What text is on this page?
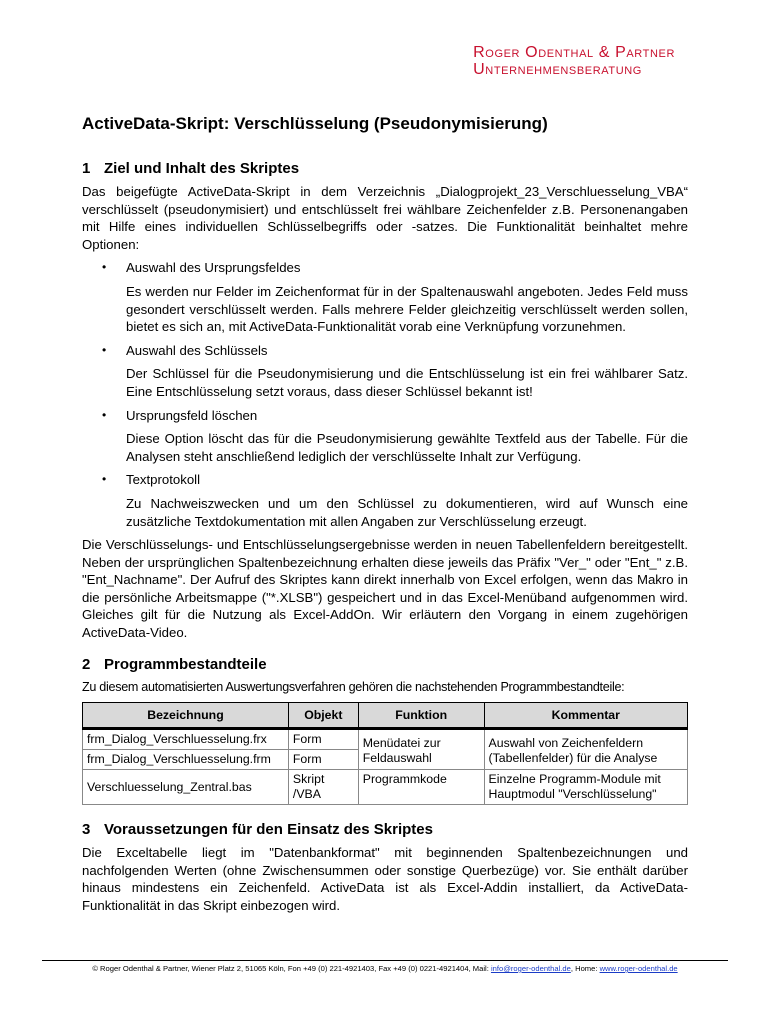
Roger Odenthal & Partner
Unternehmensberatung
ActiveData-Skript: Verschlüsselung (Pseudonymisierung)
1 Ziel und Inhalt des Skriptes

Das beigefügte ActiveData-Skript in dem Verzeichnis „Dialogprojekt_23_Verschluesselung_VBA“ verschlüsselt (pseudonymisiert) und entschlüsselt frei wählbare Zeichenfelder z.B. Personenangaben mit Hilfe eines individuellen Schlüsselbegriffs oder -satzes. Die Funktionalität beinhaltet mehre Optionen:

• Auswahl des Ursprungsfeldes
Es werden nur Felder im Zeichenformat für in der Spaltenauswahl angeboten. Jedes Feld muss gesondert verschlüsselt werden. Falls mehrere Felder gleichzeitig verschlüsselt werden sollen, bietet es sich an, mit ActiveData-Funktionalität vorab eine Verknüpfung vorzunehmen.
• Auswahl des Schlüssels
Der Schlüssel für die Pseudonymisierung und die Entschlüsselung ist ein frei wählbarer Satz. Eine Entschlüsselung setzt voraus, dass dieser Schlüssel bekannt ist!
• Ursprungsfeld löschen
Diese Option löscht das für die Pseudonymisierung gewählte Textfeld aus der Tabelle. Für die Analysen steht anschließend lediglich der verschlüsselte Inhalt zur Verfügung.
• Textprotokoll
Zu Nachweiszwecken und um den Schlüssel zu dokumentieren, wird auf Wunsch eine zusätzliche Textdokumentation mit allen Angaben zur Verschlüsselung erzeugt.

Die Verschlüsselungs- und Entschlüsselungsergebnisse werden in neuen Tabellenfeldern bereitgestellt. Neben der ursprünglichen Spaltenbezeichnung erhalten diese jeweils das Präfix "Ver_" oder "Ent_" z.B. "Ent_Nachname". Der Aufruf des Skriptes kann direkt innerhalb von Excel erfolgen, wenn das Makro in die persönliche Arbeitsmappe ("*.XLSB") gespeichert und in das Excel-Menüband aufgenommen wird. Gleiches gilt für die Nutzung als Excel-AddOn. Wir erläutern den Vorgang in einem zugehörigen ActiveData-Video.

2 Programmbestandteile

Zu diesem automatisierten Auswertungsverfahren gehören die nachstehenden Programmbestandteile:

Bezeichnung	Objekt	Funktion	Kommentar
frm_Dialog_Verschluesselung.frx	Form	Menüdatei zur Feldauswahl	Auswahl von Zeichenfeldern (Tabellenfelder) für die Analyse
frm_Dialog_Verschluesselung.frm	Form		
Verschluesselung_Zentral.bas	Skript /VBA	Programmkode	Einzelne Programm-Module mit Hauptmodul "Verschlüsselung"
3 Voraussetzungen für den Einsatz des Skriptes

Die Exceltabelle liegt im "Datenbankformat" mit beginnenden Spaltenbezeichnungen und nachfolgenden Werten (ohne Zwischensummen oder sonstige Querbezüge) vor. Sie enthält darüber hinaus mindestens ein Zeichenfeld. ActiveData ist als Excel-Addin installiert, da ActiveData-Funktionalität in das Skript einbezogen wird.

© Roger Odenthal & Partner, Wiener Platz 2, 51065 Köln, Fon +49 (0) 221-4921403, Fax +49 (0) 0221-4921404, Mail: info@roger-odenthal.de, Home: www.roger-odenthal.de
